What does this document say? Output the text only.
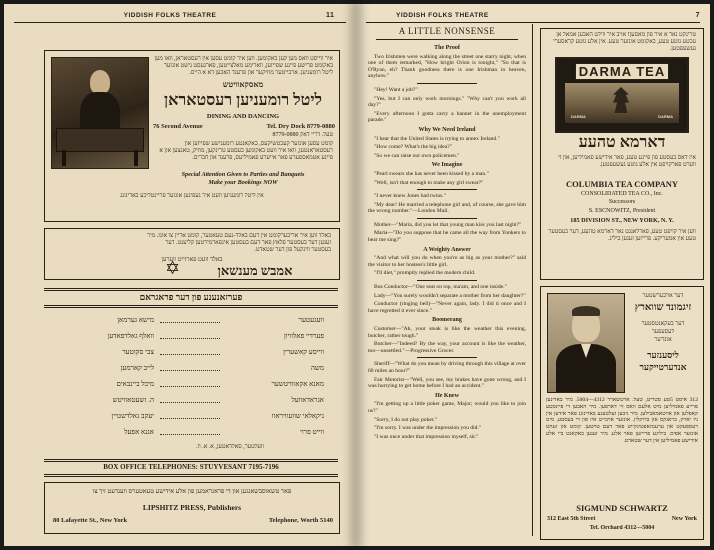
YIDDISH FOLKS THEATRE	11
איר ווייסט וואס מען קען באקומען. ווען איר קומט עסען אין רעסטאראן, וואו מען באקומט פרישע פיינע שפייזען, ווארימע מאלצייטען, פארגעסט נישט אונזער ליטל רומעניען. ארבייטער מוזיקער און פרענד האבען דא א הייס.
מאסקאוויטש
ליטל רומעניען רעסטאראן
DINING AND DANCING
76 Second Avenue	Tel. Dry Dock 8779-0880
טעל. דריי דאק 8779-0880
קומט עסען אונזער קעכטשיקעס, באקאנטע רומענישע שפייזען און רעסטאראנטען, וואו איר וועט באקומען בעסטע טרינקען, מוזיק, טאנצען און א פיינע אטמאספערע פאר אייערע פאמיליעס, פרענד און חברים.
Special Attention Given to Parties and Banquets
Make your Bookings NOW
אין ליטל רומעניען וועט איר געפינען אונזער פריינטליכע באדינונג
באלד ווען איר אריבערקומט אין דעם באלד-נעם טעאטער, קומט אריין צו אונז. מיר זענען דער בעסטער פלאץ פאר דעם בעסטען אינפארמירטען קליענט. דער בעסטער ווינקעל פון דער שטאדט.
באלד וועט פארזייט ווערען
אמבש מענשאן
✡
פערזאנענע פון דער פראגראם
מישא גערמאן	וועגעטער
וואלף גאלדפאדען	פערדיי פאלוויון
צבי סקוטער	ווייסע קאשערין
לייב קארמען	משה
מיכל ביינבאים	מאנא אקאווויטשער
ה. זשעטאוויטש	אגראדאוועל
יעקב גאלדשטיין	ניקאלאי שוועוויראוו
אננא אפעל	ווייט פרוי
וועלטער, סאלדאטען, א. א. וו.
BOX OFFICE TELEPHONES: STUYVESANT 7195-7196
פאר טשאוסבשאנגען און די פראגראמען פון אלע אידישע טעאטערס ווענדעט זיך צו
LIPSHITZ PRESS, Publishers
80 Lafayette St., New York	Telephone, Worth 5140
YIDDISH FOLKS THEATRE	7
A LITTLE NONSENSE
The Proof

Two Irishmen were walking along the street one starry night, when one of them remarked, "How bright Orion is tonight," "So that is O'Ryan, eh? Thank goodness there is one Irishman in heaven, anyhow."

"Hey! Want a job?"

"Yes, but I can only work mornings." "Why can't you work all day?"

"Every afternoon I gotta carry a banner in the unemployment parade."

Why We Need Ireland

"I hear that the United States is trying to annex Ireland."

"How come? What's the big idea?"

"So we can raise our own policemen."

We Imagine

"Pearl swears she has never been kissed by a man."

"Well, isn't that enough to make any girl swear?"

"I never knew Jones had twins."

"My dear! He married a telephone girl and, of course, she gave him the wrong number."—London Mail.

Mother—"Maria, did you let that young man kiss you last night?"

Maria—"Do you suppose that he came all the way from Yonkers to hear me sing?"

A Weighty Answer

"And what will you do when you're as big as your mother?" said the visitor to her hostess's little girl.

"I'll diet," promptly replied the modern child.

Bus Conductor—"One seat on top, ma'am, and one inside."

Lady—"You surely wouldn't separate a mother from her daughter?"

Conductor (ringing bell)—"Never again, lady. I did it once and I have regretted it ever since."

Boomerang

Customer—"Ah, your steak is like the weather this evening, butcher, rather tough."

Butcher—"Indeed? By the way, your account is like the weather, too—unsettled."—Progressive Grocer.

Sheriff—"What do you mean by driving through this village at over 60 miles an hour?"

Fair Motorist—"Well, you see, my brakes have gone wrong, and I was hurrying to get home before I had an accident."

He Knew

"I'm getting up a little poker game, Major; would you like to join us?"

"Sorry, I do not play poker."

"I'm sorry. I was under the impression you did."

"I was once under that impression myself, sir."

טרינקט נאר א איר פון מאסען! אויב איר ווילט האבען אמאל אן עכטע גוטע טעע, באקומט אונזער טעע. אין אלע גוטע קראסערי געשעפטען.
DARMA TEA
DARMA	DARMA
דארמא טהעע
איז דאס בעסטע פון פיינע טעע, פאר אידישע פאמיליען, און זי ווערט פארקויפט אין אלע גוטע געשעפטען.
COLUMBIA TEA COMPANY
CONSOLIDATED TEA CO., Inc.
Successors
S. ESCNOWITZ, President
185 DIVISION ST., NEW YORK, N. Y.
ווען איר קויפט טעע, פארלאנגט נאר דארמא טהעע, דער בעסטער טעע אין אמעריקע. פרייזען זענען ביליג.
דער אויבערשטער
זיגמונד שווארץ
דער בעקאנטסטער
לעסעפער
אונד'ער
ליסענזער
אנדערטייקער
312 איסט 5טע סטריט, טעל. ארטשארד 4312—5004. מיר באדינען פרייע פאמיליען מיט אלעם וואס זיי דארפען. מיר האבען די פיינסטע קאפלען און אויטאמאבילען. מיר גיבען זעלטענע באדינונג פאר אידען אין ניו יארק, בראנקס און ברוקלין. אונזער ארבייט איז פון די בעסטע, מיט רעספעקט און ערענהאפטיגקייט פאר דעם טויטען. קומט און זעהט אונזער אפיס. ביליגע פרייזען פאר אלע. מיר זענען באקאנט ביי אלע אידישע פאמיליען אין דער שטאדט.
SIGMUND SCHWARTZ
312 East 5th Street	New York
Tel. Orchard 4312—5004
